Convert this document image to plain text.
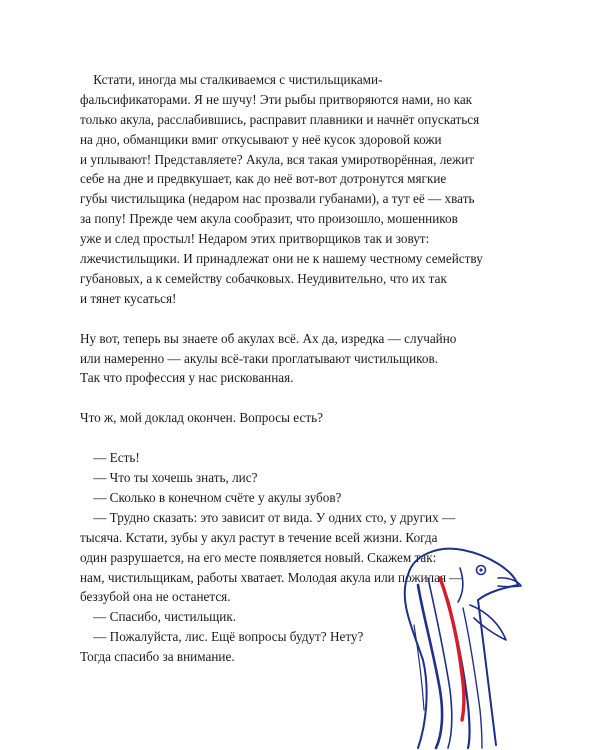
Кстати, иногда мы сталкиваемся с чистильщиками-
фальсификаторами. Я не шучу! Эти рыбы притворяются нами, но как
только акула, расслабившись, расправит плавники и начнёт опускаться
на дно, обманщики вмиг откусывают у неё кусок здоровой кожи
и уплывают! Представляете? Акула, вся такая умиротворённая, лежит
себе на дне и предвкушает, как до неё вот-вот дотронутся мягкие
губы чистильщика (недаром нас прозвали губанами), а тут её — хвать
за попу! Прежде чем акула сообразит, что произошло, мошенников
уже и след простыл! Недаром этих притворщиков так и зовут:
лжечистильщики. И принадлежат они не к нашему честному семейству
губановых, а к семейству собачковых. Неудивительно, что их так
и тянет кусаться!
Ну вот, теперь вы знаете об акулах всё. Ах да, изредка — случайно
или намеренно — акулы всё-таки проглатывают чистильщиков.
Так что профессия у нас рискованная.
Что ж, мой доклад окончен. Вопросы есть?
— Есть!
— Что ты хочешь знать, лис?
— Сколько в конечном счёте у акулы зубов?
— Трудно сказать: это зависит от вида. У одних сто, у других —
тысяча. Кстати, зубы у акул растут в течение всей жизни. Когда
один разрушается, на его месте появляется новый. Скажем так:
нам, чистильщикам, работы хватает. Молодая акула или пожилая —
беззубой она не останется.
— Спасибо, чистильщик.
— Пожалуйста, лис. Ещё вопросы будут? Нету?
Тогда спасибо за внимание.
